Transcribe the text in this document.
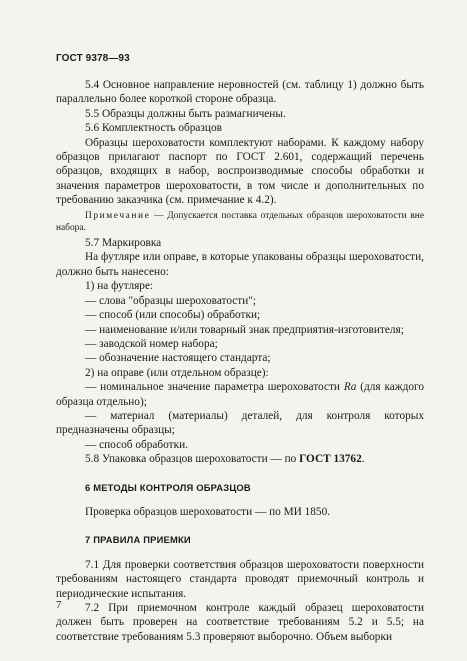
ГОСТ 9378—93

5.4 Основное направление неровностей (см. таблицу 1) должно быть параллельно более короткой стороне образца.

5.5 Образцы должны быть размагничены.

5.6 Комплектность образцов

Образцы шероховатости комплектуют наборами. К каждому набору образцов прилагают паспорт по ГОСТ 2.601, содержащий перечень образцов, входящих в набор, воспроизводимые способы обработки и значения параметров шероховатости, в том числе и дополнительных по требованию заказчика (см. примечание к 4.2).

Примечание — Допускается поставка отдельных образцов шероховатости вне набора.

5.7 Маркировка

На футляре или оправе, в которые упакованы образцы шероховатости, должно быть нанесено:

1) на футляре:

— слова "образцы шероховатости";

— способ (или способы) обработки;

— наименование и/или товарный знак предприятия-изготовителя;

— заводской номер набора;

— обозначение настоящего стандарта;

2) на оправе (или отдельном образце):

— номинальное значение параметра шероховатости Ra (для каждого образца отдельно);

— материал (материалы) деталей, для контроля которых предназначены образцы;

— способ обработки.

5.8 Упаковка образцов шероховатости — по ГОСТ 13762.

6 МЕТОДЫ КОНТРОЛЯ ОБРАЗЦОВ

Проверка образцов шероховатости — по МИ 1850.

7 ПРАВИЛА ПРИЕМКИ

7.1 Для проверки соответствия образцов шероховатости поверхности требованиям настоящего стандарта проводят приемочный контроль и периодические испытания.

7.2 При приемочном контроле каждый образец шероховатости должен быть проверен на соответствие требованиям 5.2 и 5.5; на соответствие требованиям 5.3 проверяют выборочно. Объем выборки

7
